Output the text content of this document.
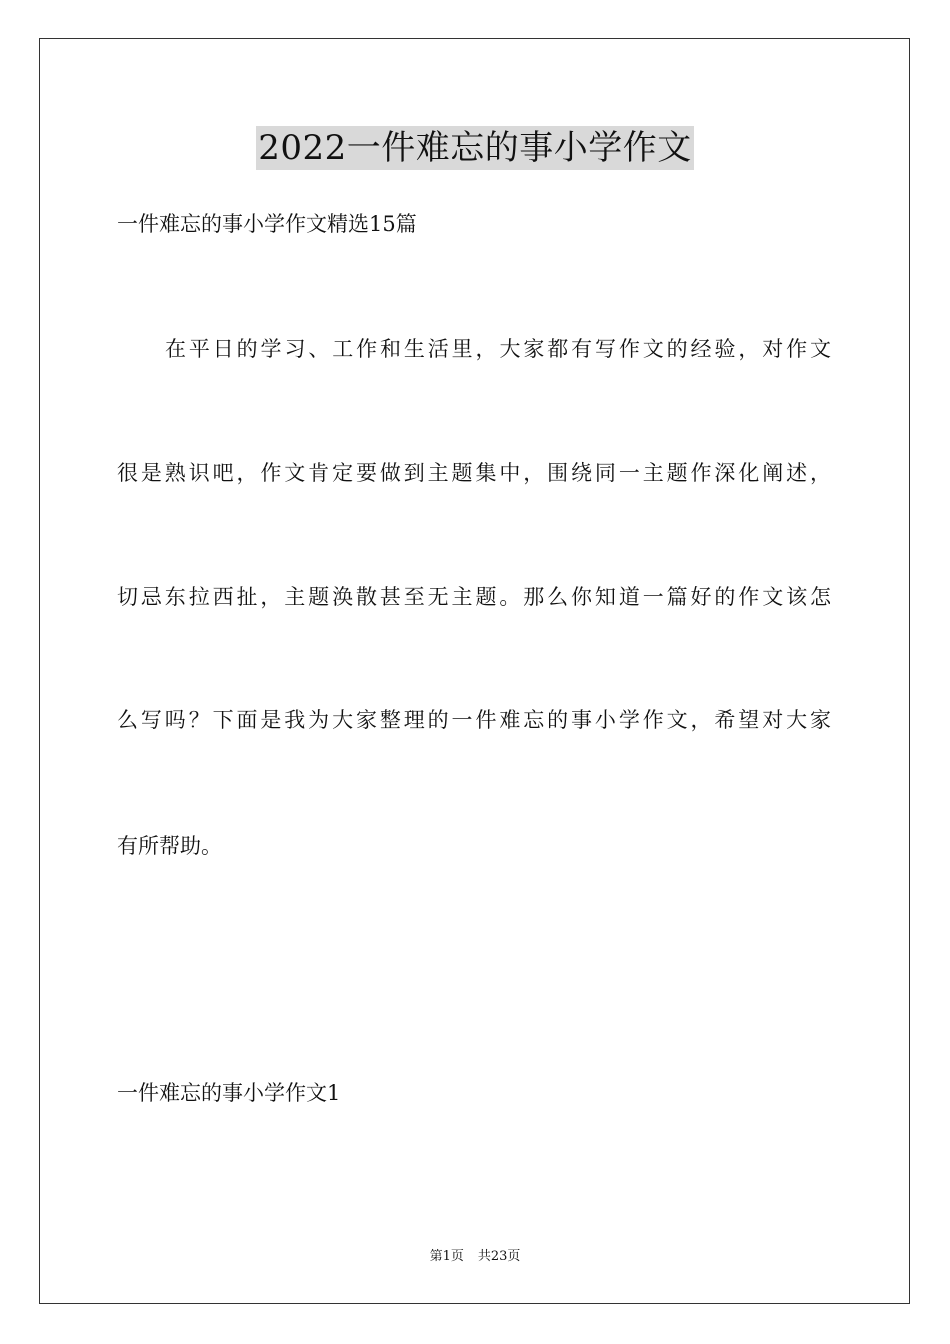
2022一件难忘的事小学作文
一件难忘的事小学作文精选15篇
在平日的学习、工作和生活里，大家都有写作文的经验，对作文
很是熟识吧，作文肯定要做到主题集中，围绕同一主题作深化阐述，
切忌东拉西扯，主题涣散甚至无主题。那么你知道一篇好的作文该怎
么写吗？下面是我为大家整理的一件难忘的事小学作文，希望对大家
有所帮助。
一件难忘的事小学作文1
第1页 共23页
